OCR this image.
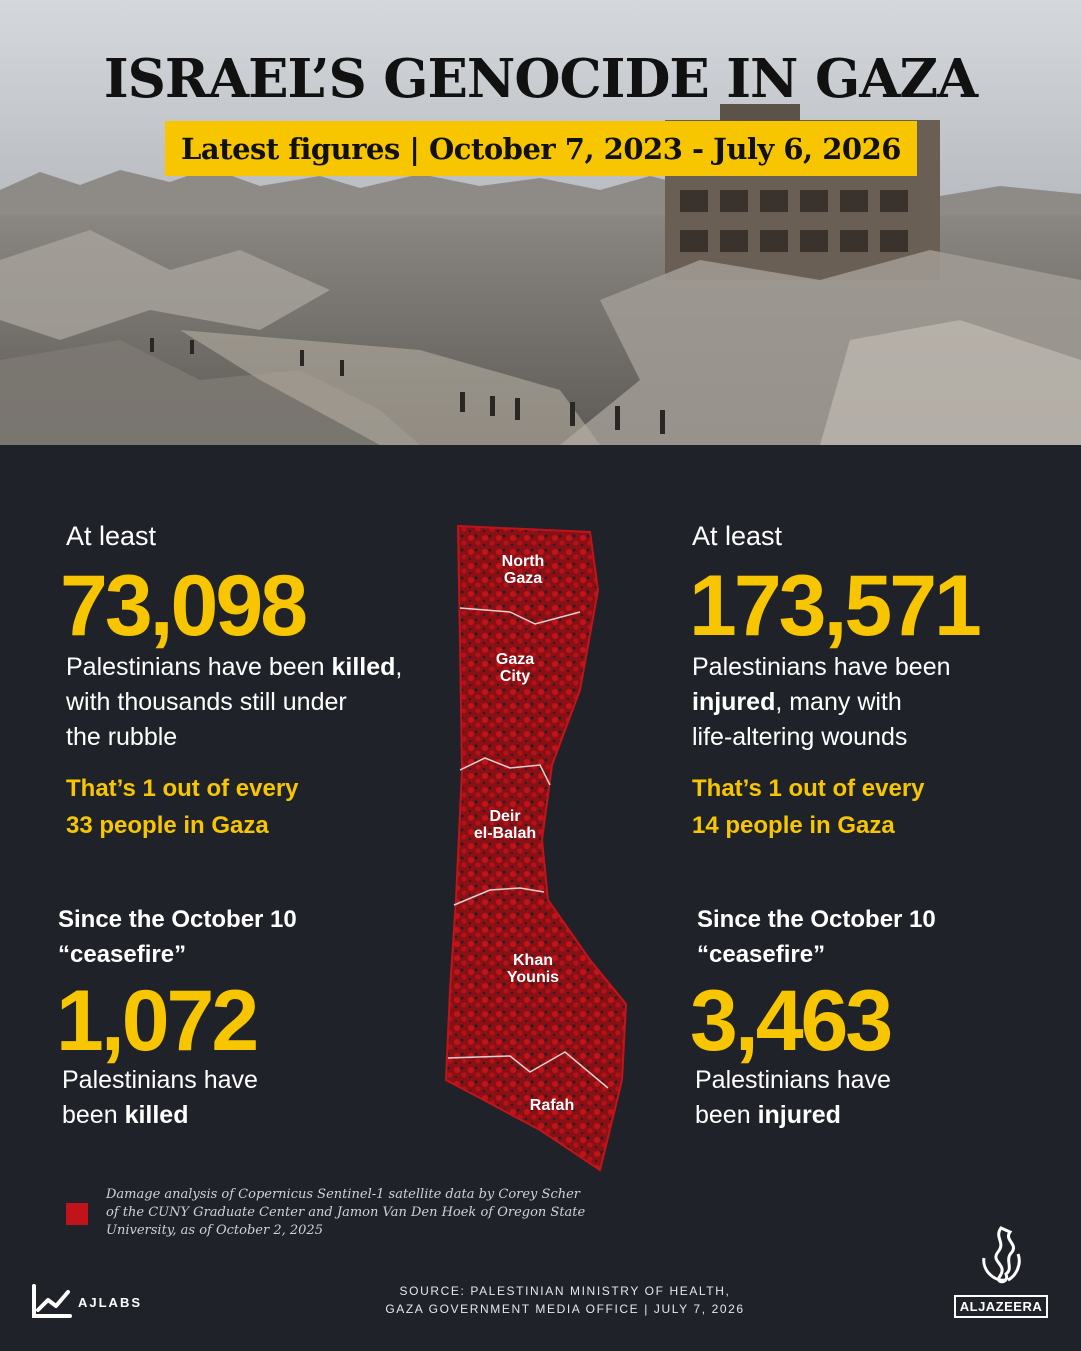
ISRAEL’S GENOCIDE IN GAZA
Latest figures | October 7, 2023 - July 6, 2026
At least
73,098
Palestinians have been killed,
with thousands still under
the rubble
That’s 1 out of every
33 people in Gaza
Since the October 10
“ceasefire”
1,072
Palestinians have
been killed
North
Gaza
Gaza
City
Deir
el-Balah
Khan
Younis
Rafah
At least
173,571
Palestinians have been
injured, many with
life-altering wounds
That’s 1 out of every
14 people in Gaza
Since the October 10
“ceasefire”
3,463
Palestinians have
been injured
Damage analysis of Copernicus Sentinel-1 satellite data by Corey Scher of the CUNY Graduate Center and Jamon Van Den Hoek of Oregon State University, as of October 2, 2025
AJLABS
SOURCE: PALESTINIAN MINISTRY OF HEALTH,
GAZA GOVERNMENT MEDIA OFFICE | JULY 7, 2026	ALJAZEERA
